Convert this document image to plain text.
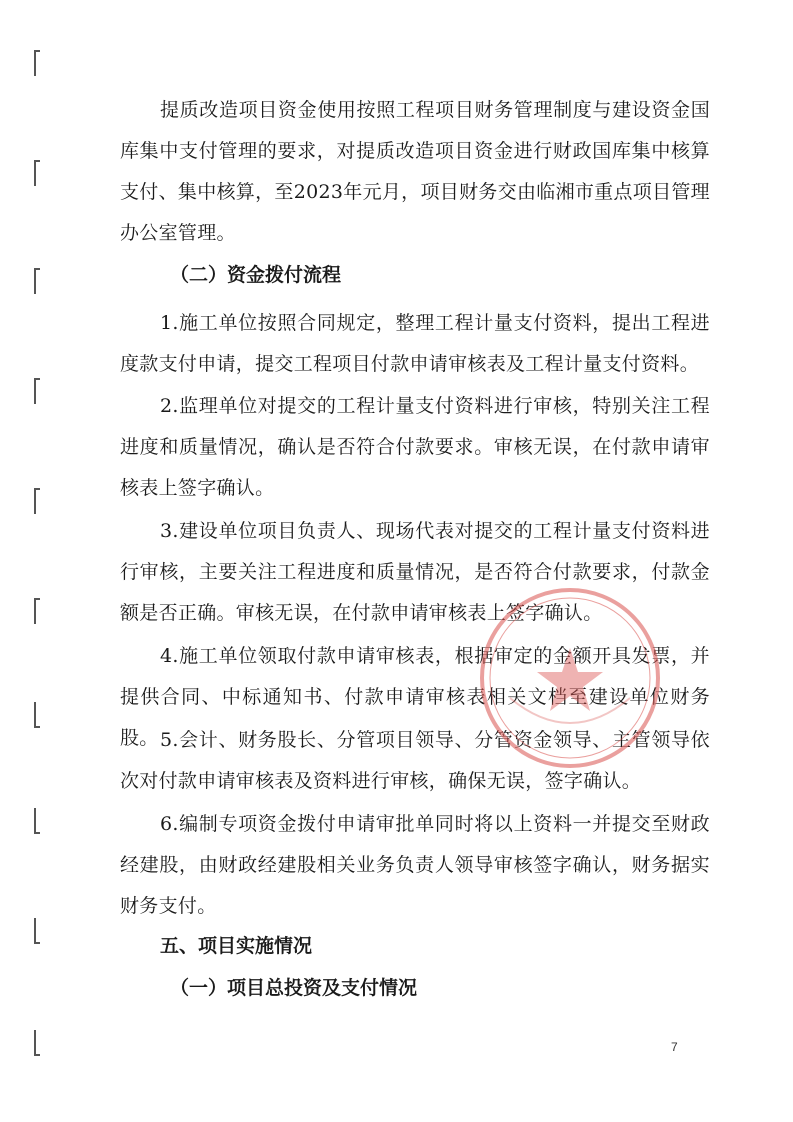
提质改造项目资金使用按照工程项目财务管理制度与建设资金国库集中支付管理的要求，对提质改造项目资金进行财政国库集中核算支付、集中核算，至2023年元月，项目财务交由临湘市重点项目管理办公室管理。

（二）资金拨付流程

1.施工单位按照合同规定，整理工程计量支付资料，提出工程进度款支付申请，提交工程项目付款申请审核表及工程计量支付资料。

2.监理单位对提交的工程计量支付资料进行审核，特别关注工程进度和质量情况，确认是否符合付款要求。审核无误，在付款申请审核表上签字确认。

3.建设单位项目负责人、现场代表对提交的工程计量支付资料进行审核，主要关注工程进度和质量情况，是否符合付款要求，付款金额是否正确。审核无误，在付款申请审核表上签字确认。

4.施工单位领取付款申请审核表，根据审定的金额开具发票，并提供合同、中标通知书、付款申请审核表相关文档至建设单位财务股。 5.会计、财务股长、分管项目领导、分管资金领导、主管领导依次对付款申请审核表及资料进行审核，确保无误，签字确认。

6.编制专项资金拨付申请审批单同时将以上资料一并提交至财政经建股，由财政经建股相关业务负责人领导审核签字确认，财务据实财务支付。

五、项目实施情况

（一）项目总投资及支付情况

7
